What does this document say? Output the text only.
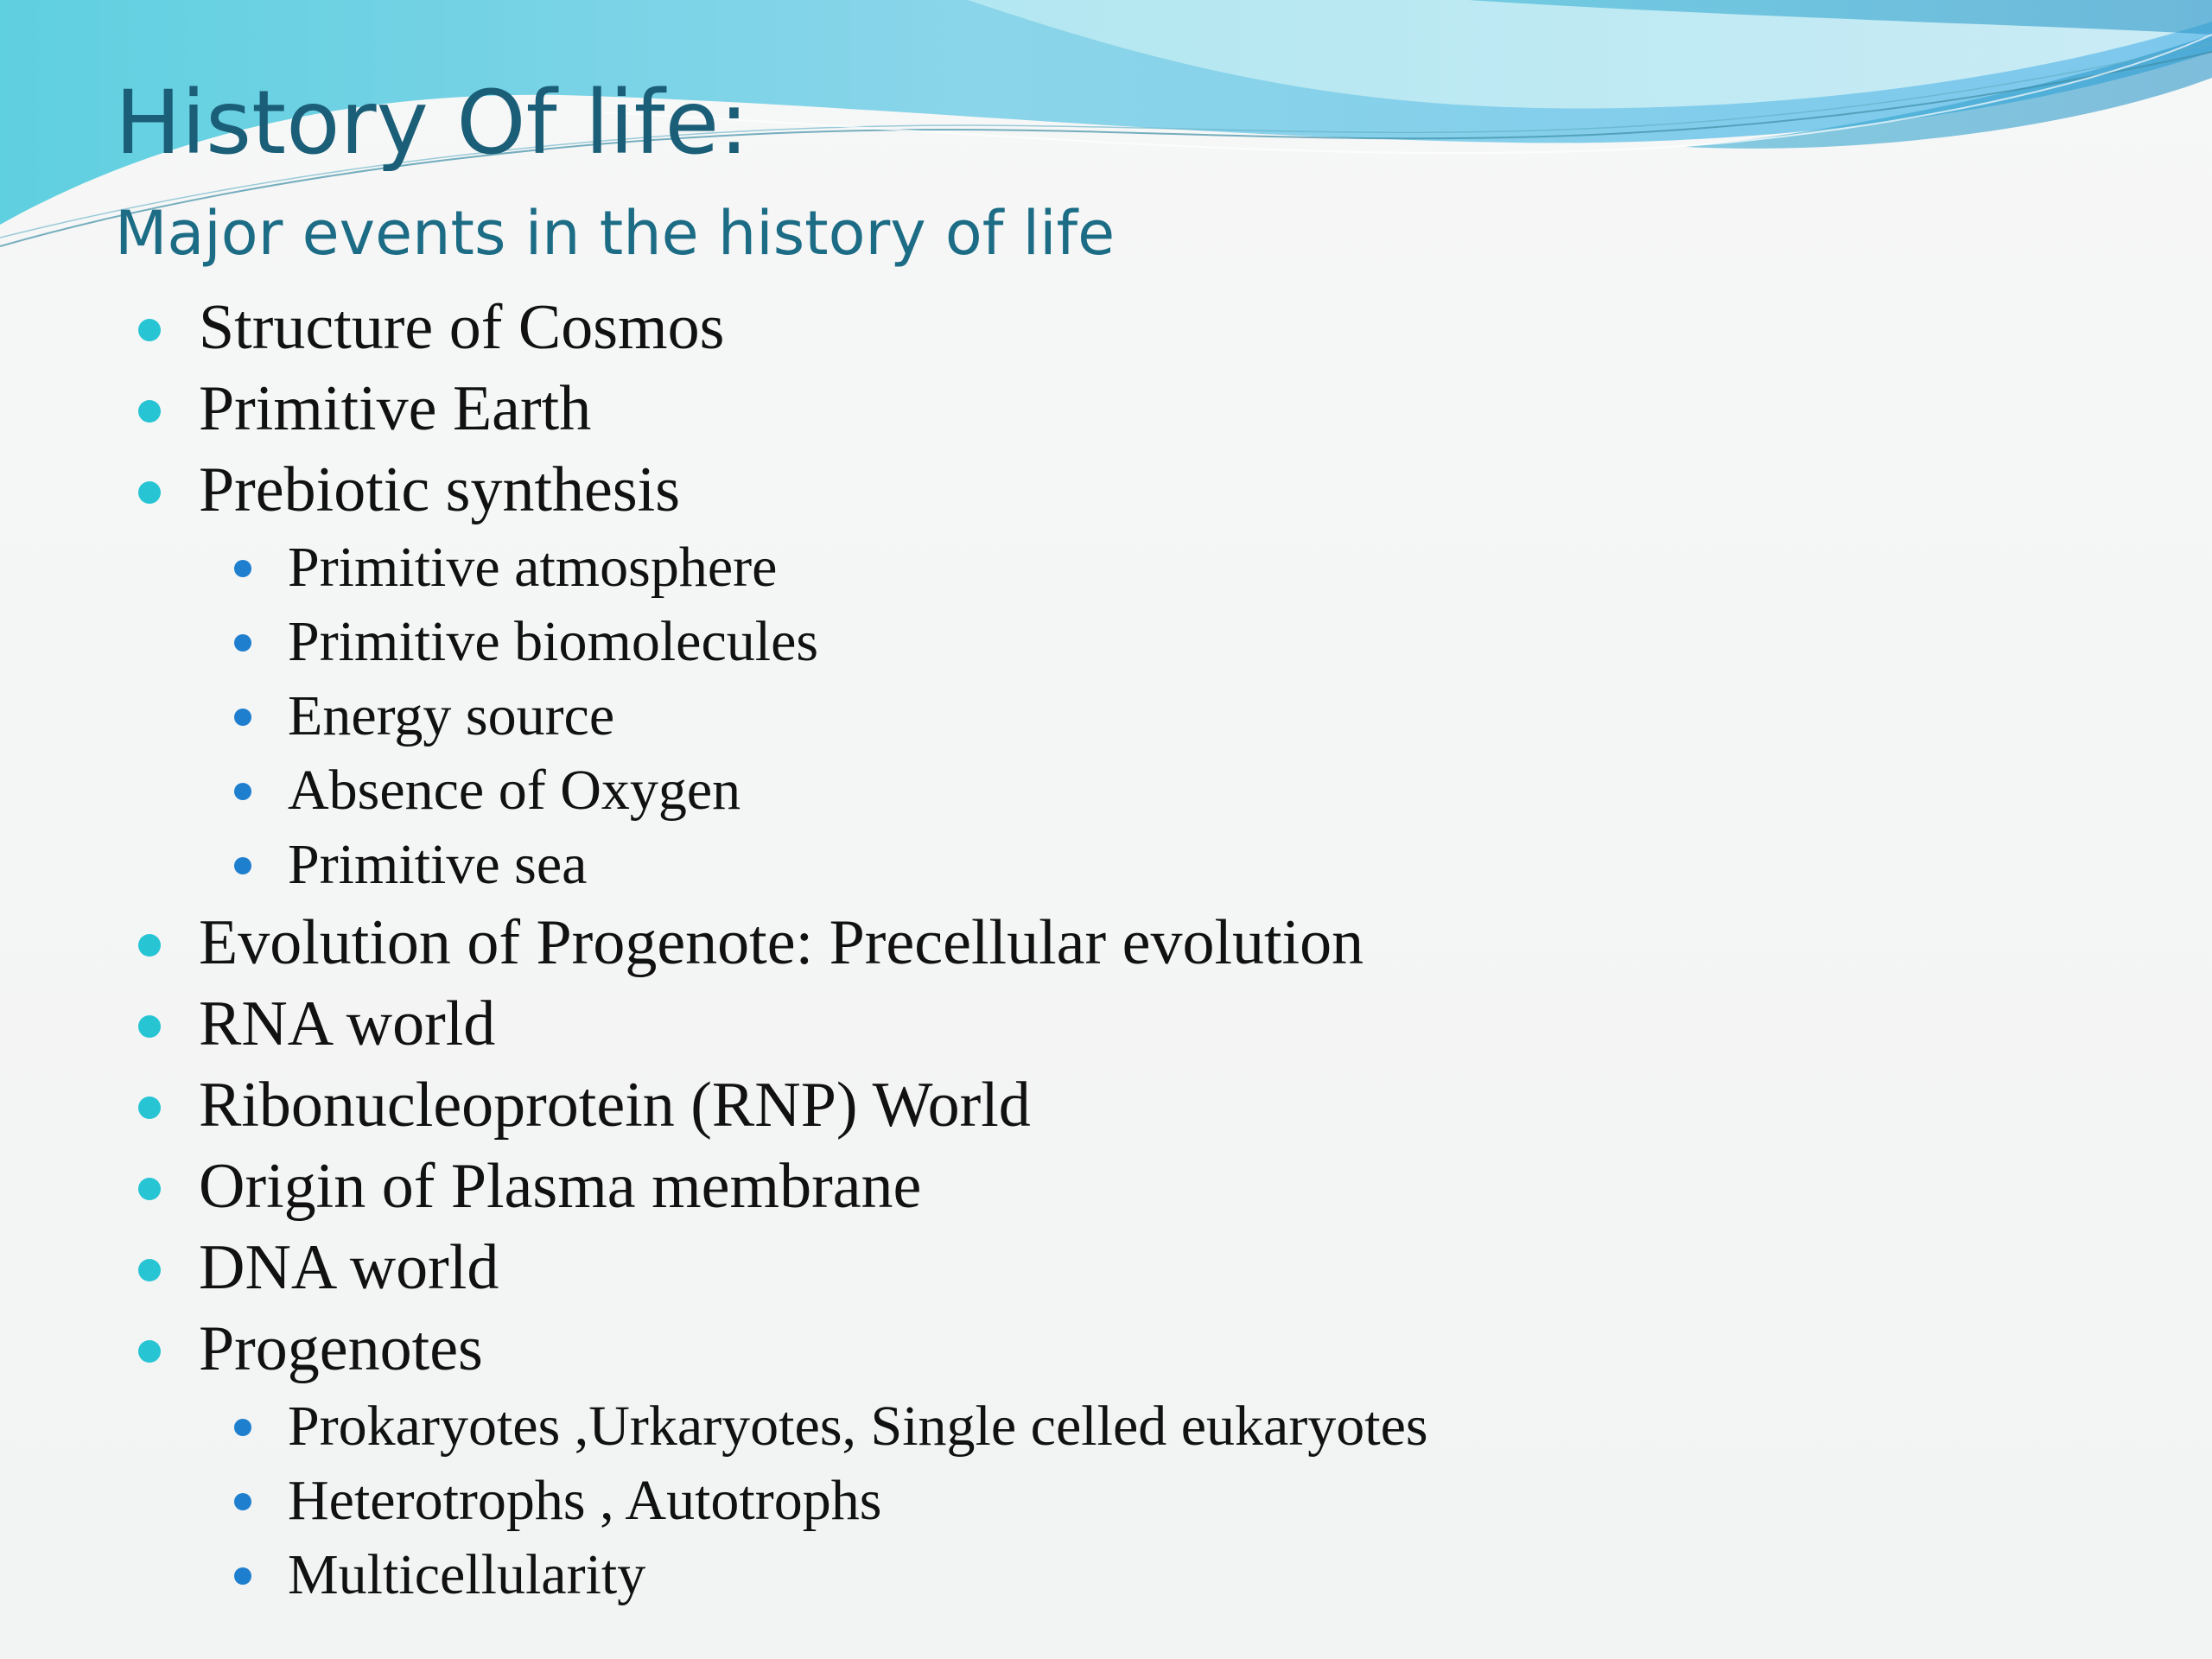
History Of life:
Major events in the history of life
Structure of Cosmos
Primitive Earth
Prebiotic synthesis
Primitive atmosphere
Primitive biomolecules
Energy source
Absence of Oxygen
Primitive sea
Evolution of Progenote: Precellular evolution
RNA world
Ribonucleoprotein (RNP) World
Origin of Plasma membrane
DNA world
Progenotes
Prokaryotes ,Urkaryotes, Single celled eukaryotes
Heterotrophs , Autotrophs
Multicellularity
